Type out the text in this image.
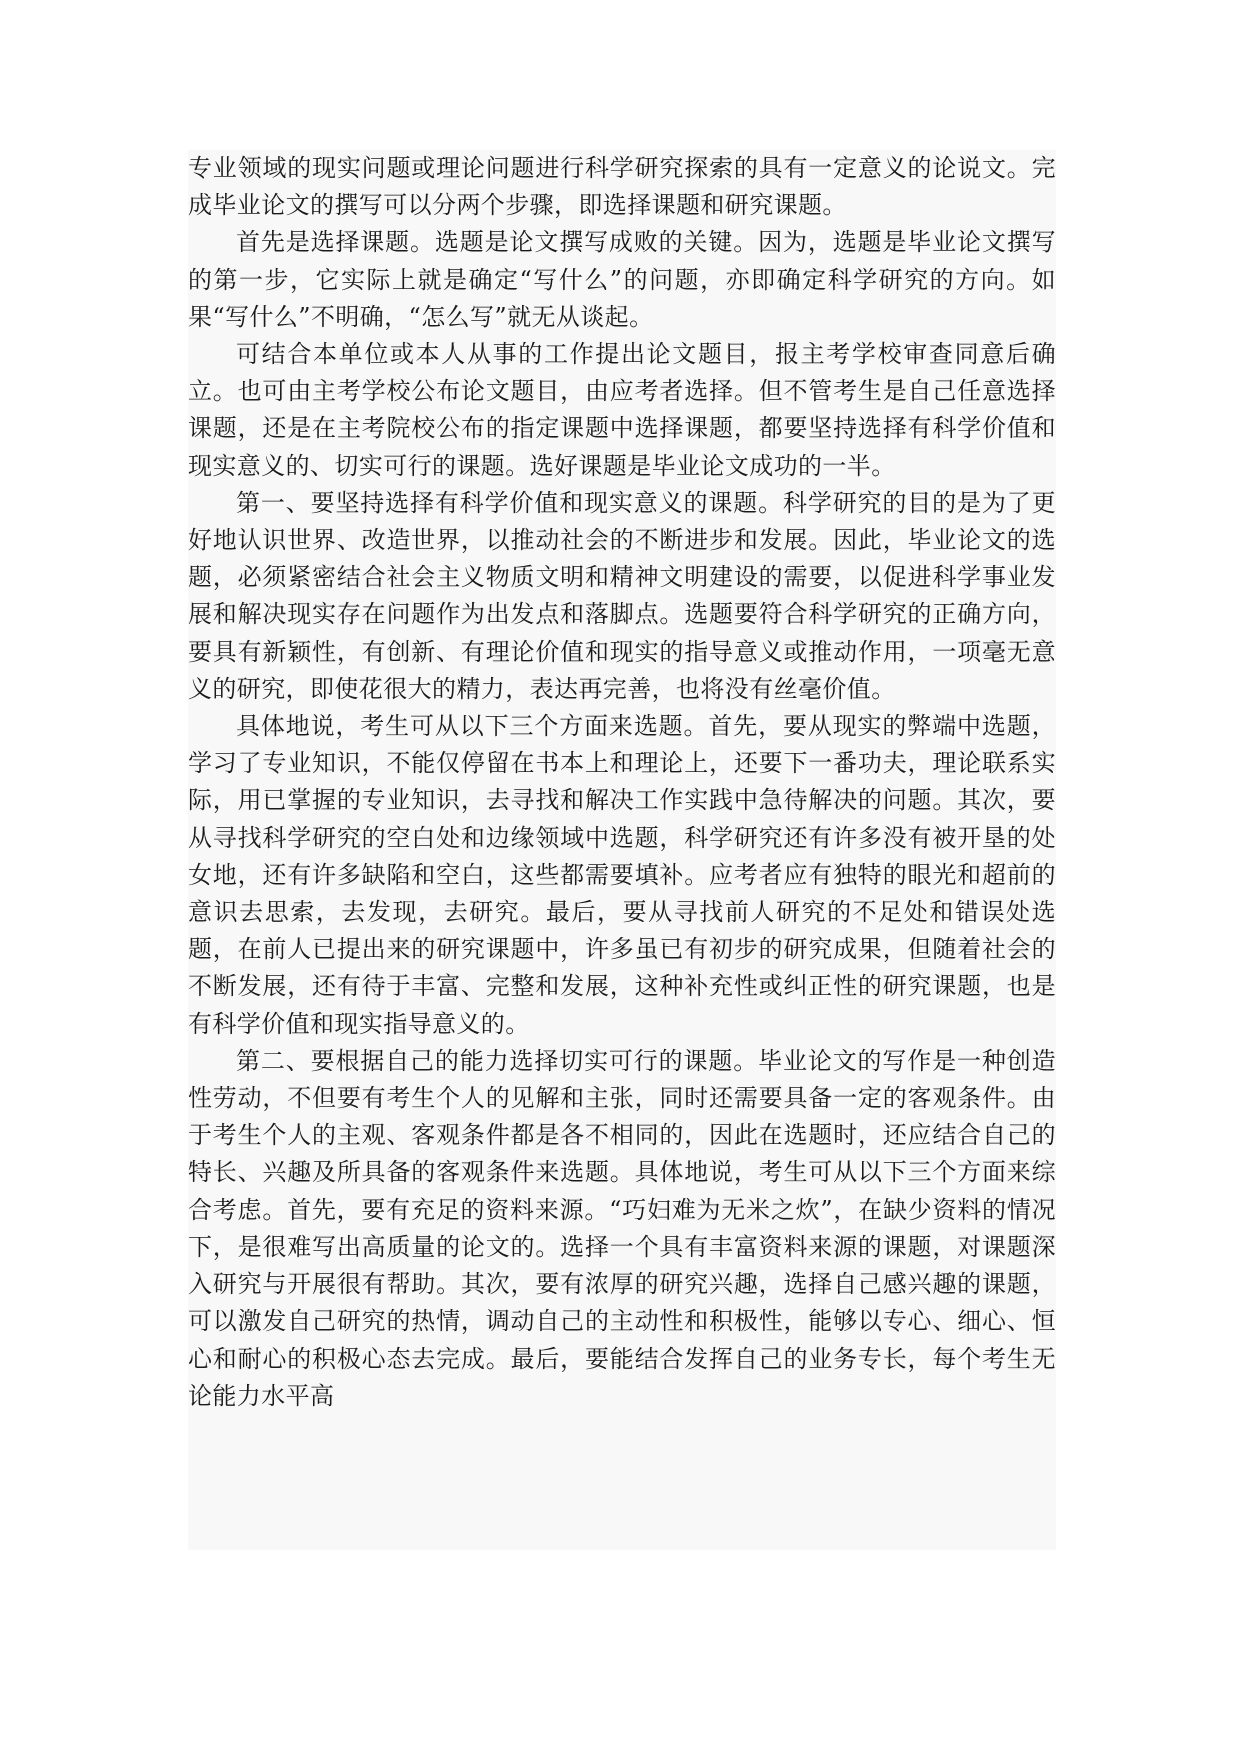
专业领域的现实问题或理论问题进行科学研究探索的具有一定意义的论说文。完成毕业论文的撰写可以分两个步骤，即选择课题和研究课题。

首先是选择课题。选题是论文撰写成败的关键。因为，选题是毕业论文撰写的第一步，它实际上就是确定“写什么”的问题，亦即确定科学研究的方向。如果“写什么”不明确，“怎么写”就无从谈起。

可结合本单位或本人从事的工作提出论文题目，报主考学校审查同意后确立。也可由主考学校公布论文题目，由应考者选择。但不管考生是自己任意选择课题，还是在主考院校公布的指定课题中选择课题，都要坚持选择有科学价值和现实意义的、切实可行的课题。选好课题是毕业论文成功的一半。

第一、要坚持选择有科学价值和现实意义的课题。科学研究的目的是为了更好地认识世界、改造世界，以推动社会的不断进步和发展。因此，毕业论文的选题，必须紧密结合社会主义物质文明和精神文明建设的需要，以促进科学事业发展和解决现实存在问题作为出发点和落脚点。选题要符合科学研究的正确方向，要具有新颖性，有创新、有理论价值和现实的指导意义或推动作用，一项毫无意义的研究，即使花很大的精力，表达再完善，也将没有丝毫价值。

具体地说，考生可从以下三个方面来选题。首先，要从现实的弊端中选题，学习了专业知识，不能仅停留在书本上和理论上，还要下一番功夫，理论联系实际，用已掌握的专业知识，去寻找和解决工作实践中急待解决的问题。其次，要从寻找科学研究的空白处和边缘领域中选题，科学研究还有许多没有被开垦的处女地，还有许多缺陷和空白，这些都需要填补。应考者应有独特的眼光和超前的意识去思索，去发现，去研究。最后，要从寻找前人研究的不足处和错误处选题，在前人已提出来的研究课题中，许多虽已有初步的研究成果，但随着社会的不断发展，还有待于丰富、完整和发展，这种补充性或纠正性的研究课题，也是有科学价值和现实指导意义的。

第二、要根据自己的能力选择切实可行的课题。毕业论文的写作是一种创造性劳动，不但要有考生个人的见解和主张，同时还需要具备一定的客观条件。由于考生个人的主观、客观条件都是各不相同的，因此在选题时，还应结合自己的特长、兴趣及所具备的客观条件来选题。具体地说，考生可从以下三个方面来综合考虑。首先，要有充足的资料来源。“巧妇难为无米之炊”，在缺少资料的情况下，是很难写出高质量的论文的。选择一个具有丰富资料来源的课题，对课题深入研究与开展很有帮助。其次，要有浓厚的研究兴趣，选择自己感兴趣的课题，可以激发自己研究的热情，调动自己的主动性和积极性，能够以专心、细心、恒心和耐心的积极心态去完成。最后，要能结合发挥自己的业务专长，每个考生无论能力水平高
